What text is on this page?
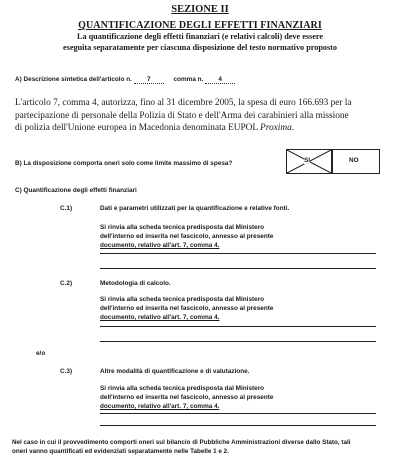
SEZIONE II
QUANTIFICAZIONE DEGLI EFFETTI FINANZIARI
La quantificazione degli effetti finanziari (e relativi calcoli) deve essere
eseguita separatamente per ciascuna disposizione del testo normativo proposto
A) Descrizione sintetica dell'articolo n. 7	comma n. 4
L'articolo 7, comma 4, autorizza, fino al 31 dicembre 2005, la spesa di euro 166.693 per la
partecipazione di personale della Polizia di Stato e dell'Arma dei carabinieri alla missione
di polizia dell'Unione europea in Macedonia denominata EUPOL Proxima.
B) La disposizione comporta oneri solo come limite massimo di spesa?	SI	NO
C) Quantificazione degli effetti finanziari
C.1)	Dati e parametri utilizzati per la quantificazione e relative fonti.
Si rinvia alla scheda tecnica predisposta dal Ministero
dell'interno ed inserita nel fascicolo, annesso al presente
documento, relativo all'art. 7, comma 4.
C.2)	Metodologia di calcolo.
Si rinvia alla scheda tecnica predisposta dal Ministero
dell'interno ed inserita nel fascicolo, annesso al presente
documento, relativo all'art. 7, comma 4.
e/o
C.3)	Altre modalità di quantificazione e di valutazione.
Si rinvia alla scheda tecnica predisposta dal Ministero
dell'interno ed inserita nel fascicolo, annesso al presente
documento, relativo all'art. 7, comma 4.
Nel caso in cui il provvedimento comporti oneri sul bilancio di Pubbliche Amministrazioni diverse dallo Stato, tali
oneri vanno quantificati ed evidenziati separatamente nelle Tabelle 1 e 2.
